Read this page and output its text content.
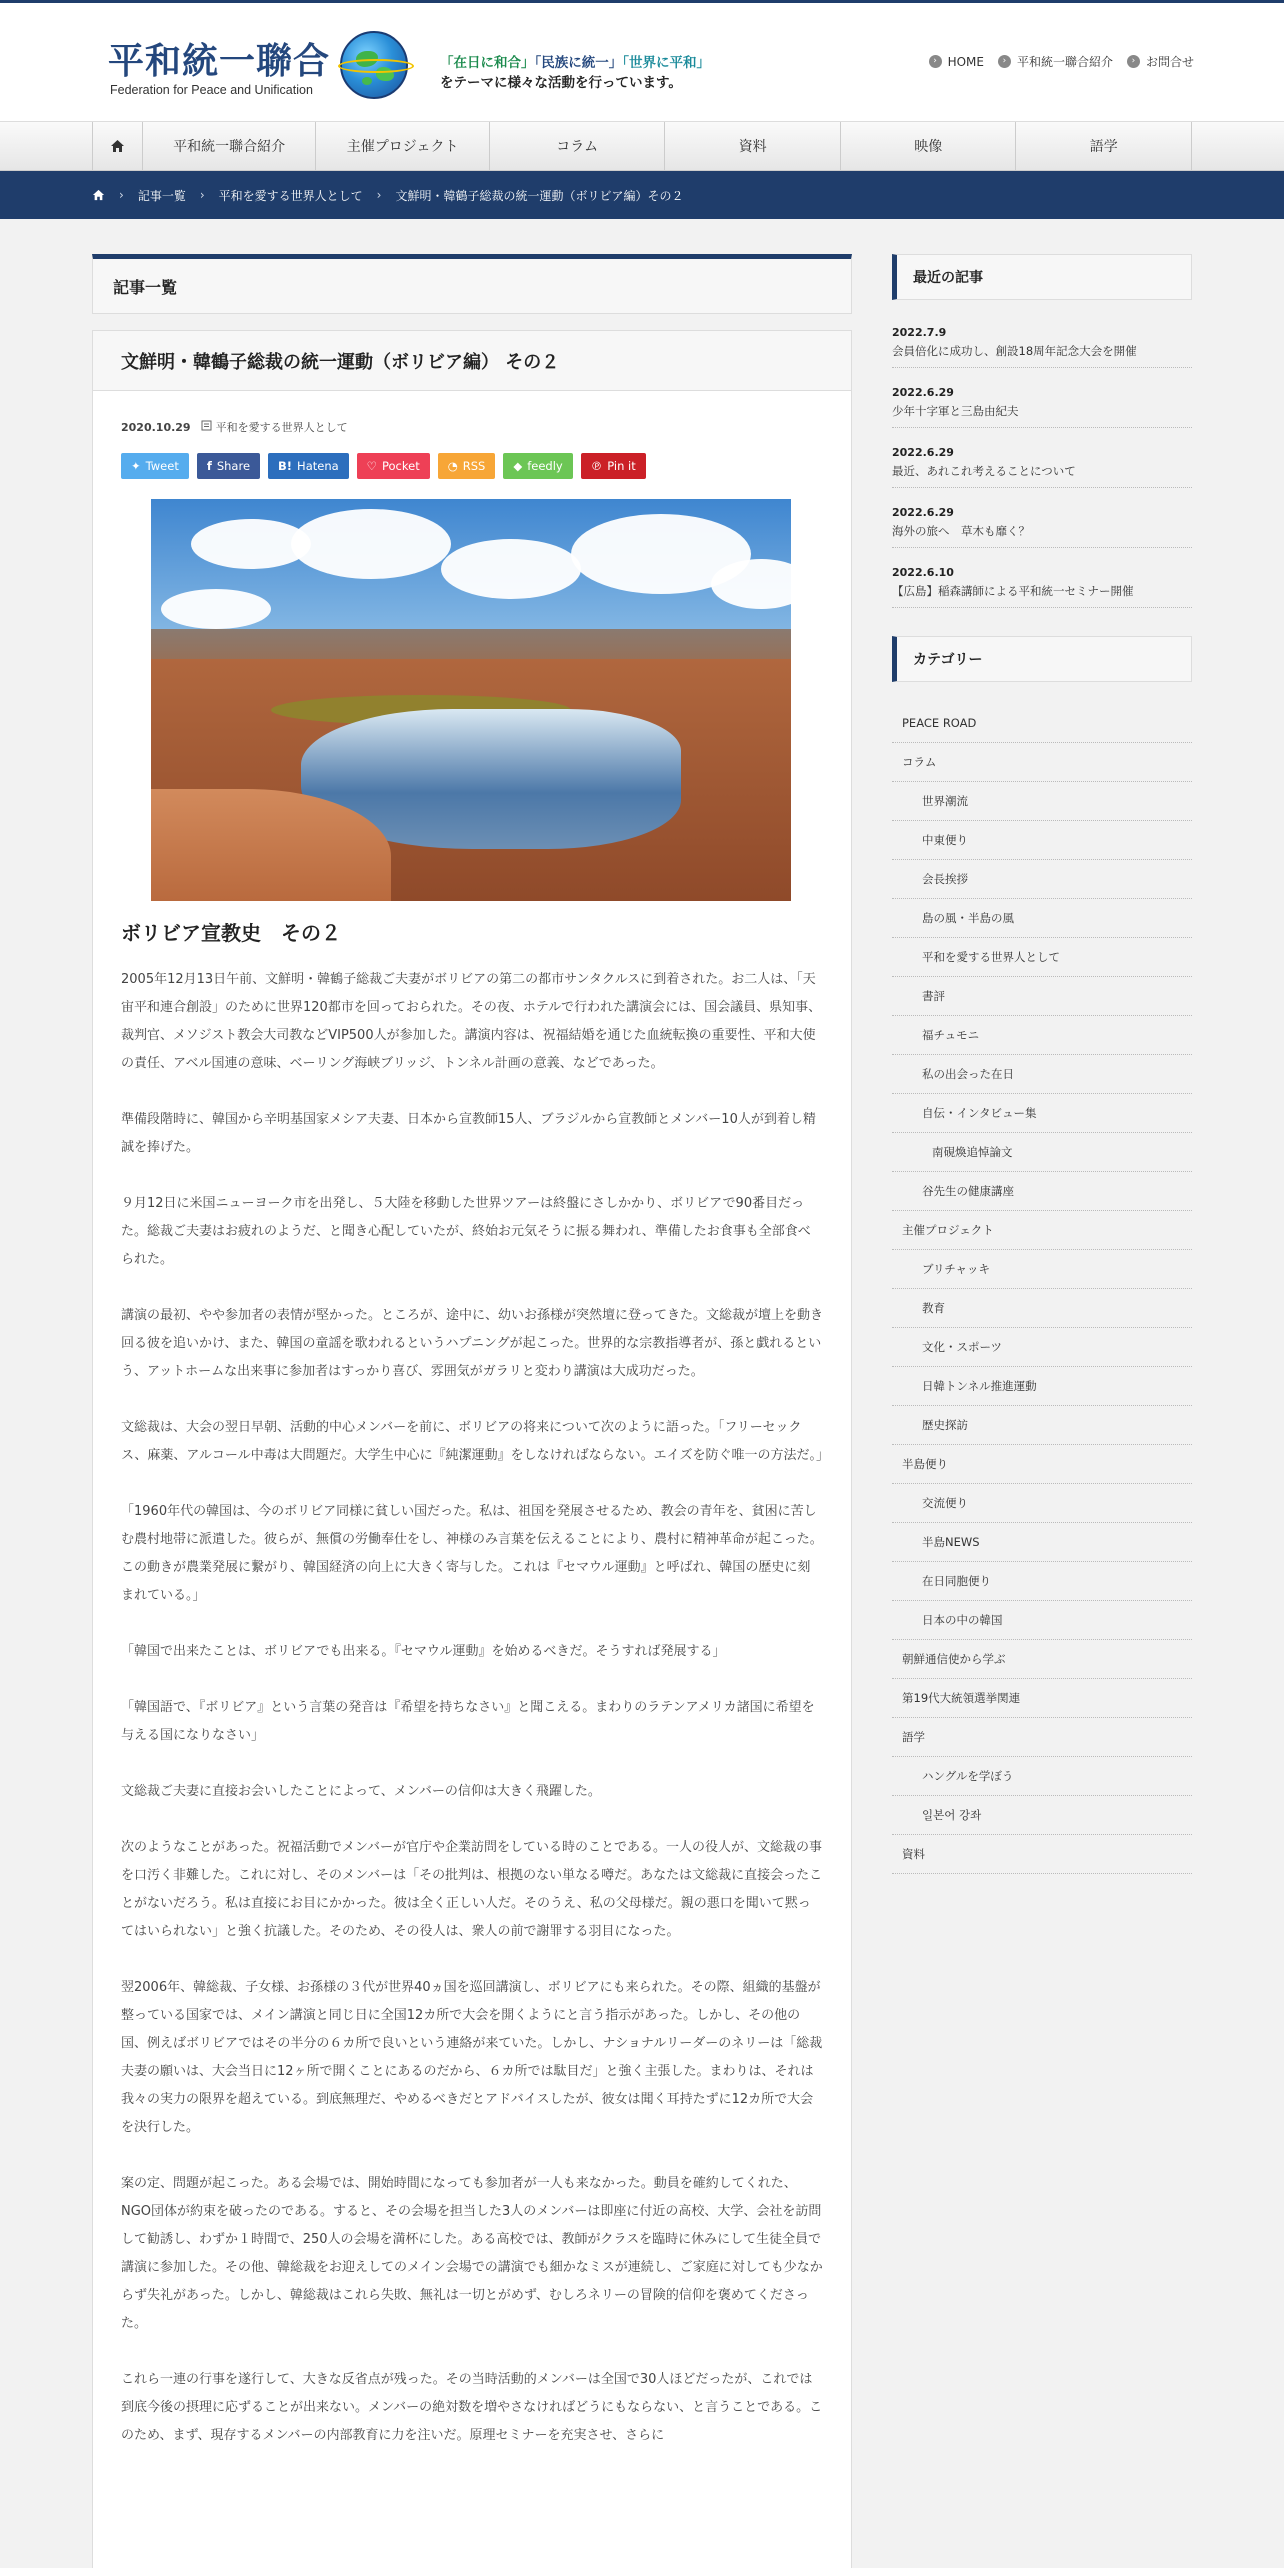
平和統一聯合
Federation for Peace and Unification
「在日に和合」「民族に統一」「世界に平和」
をテーマに様々な活動を行っています。
› HOME	› 平和統一聯合紹介	› お問合せ
平和統一聯合紹介	主催プロジェクト	コラム	資料	映像	語学
› 記事一覧 › 平和を愛する世界人として › 文鮮明・韓鶴子総裁の統一運動（ボリビア編）その２
記事一覧
文鮮明・韓鶴子総裁の統一運動（ボリビア編） その２
2020.10.29 平和を愛する世界人として
✦ Tweet f Share B! Hatena ♡ Pocket ◔ RSS ◆ feedly ℗ Pin it
ボリビア宣教史　その２

2005年12月13日午前、文鮮明・韓鶴子総裁ご夫妻がボリビアの第二の都市サンタクルスに到着された。お二人は、「天宙平和連合創設」のために世界120都市を回っておられた。その夜、ホテルで行われた講演会には、国会議員、県知事、裁判官、メソジスト教会大司教などVIP500人が参加した。講演内容は、祝福結婚を通じた血統転換の重要性、平和大使の責任、アベル国連の意味、ベーリング海峡ブリッジ、トンネル計画の意義、などであった。

準備段階時に、韓国から辛明基国家メシア夫妻、日本から宣教師15人、ブラジルから宣教師とメンバー10人が到着し精誠を捧げた。

９月12日に米国ニューヨーク市を出発し、５大陸を移動した世界ツアーは終盤にさしかかり、ボリビアで90番目だった。総裁ご夫妻はお疲れのようだ、と聞き心配していたが、終始お元気そうに振る舞われ、準備したお食事も全部食べられた。

講演の最初、やや参加者の表情が堅かった。ところが、途中に、幼いお孫様が突然壇に登ってきた。文総裁が壇上を動き回る彼を追いかけ、また、韓国の童謡を歌われるというハプニングが起こった。世界的な宗教指導者が、孫と戯れるという、アットホームな出来事に参加者はすっかり喜び、雰囲気がガラリと変わり講演は大成功だった。

文総裁は、大会の翌日早朝、活動的中心メンバーを前に、ボリビアの将来について次のように語った。「フリーセックス、麻薬、アルコール中毒は大問題だ。大学生中心に『純潔運動』をしなければならない。エイズを防ぐ唯一の方法だ。」

「1960年代の韓国は、今のボリビア同様に貧しい国だった。私は、祖国を発展させるため、教会の青年を、貧困に苦しむ農村地帯に派遣した。彼らが、無償の労働奉仕をし、神様のみ言葉を伝えることにより、農村に精神革命が起こった。この動きが農業発展に繋がり、韓国経済の向上に大きく寄与した。これは『セマウル運動』と呼ばれ、韓国の歴史に刻まれている。」

「韓国で出来たことは、ボリビアでも出来る。『セマウル運動』を始めるべきだ。そうすれば発展する」

「韓国語で、『ボリビア』という言葉の発音は『希望を持ちなさい』と聞こえる。まわりのラテンアメリカ諸国に希望を与える国になりなさい」

文総裁ご夫妻に直接お会いしたことによって、メンバーの信仰は大きく飛躍した。

次のようなことがあった。祝福活動でメンバーが官庁や企業訪問をしている時のことである。一人の役人が、文総裁の事を口汚く非難した。これに対し、そのメンバーは「その批判は、根拠のない単なる噂だ。あなたは文総裁に直接会ったことがないだろう。私は直接にお目にかかった。彼は全く正しい人だ。そのうえ、私の父母様だ。親の悪口を聞いて黙ってはいられない」と強く抗議した。そのため、その役人は、衆人の前で謝罪する羽目になった。

翌2006年、韓総裁、子女様、お孫様の３代が世界40ヵ国を巡回講演し、ボリビアにも来られた。その際、組織的基盤が整っている国家では、メイン講演と同じ日に全国12カ所で大会を開くようにと言う指示があった。しかし、その他の国、例えばボリビアではその半分の６カ所で良いという連絡が来ていた。しかし、ナショナルリーダーのネリーは「総裁夫妻の願いは、大会当日に12ヶ所で開くことにあるのだから、６カ所では駄目だ」と強く主張した。まわりは、それは我々の実力の限界を超えている。到底無理だ、やめるべきだとアドバイスしたが、彼女は聞く耳持たずに12カ所で大会を決行した。

案の定、問題が起こった。ある会場では、開始時間になっても参加者が一人も来なかった。動員を確約してくれた、NGO団体が約束を破ったのである。すると、その会場を担当した3人のメンバーは即座に付近の高校、大学、会社を訪問して勧誘し、わずか１時間で、250人の会場を満杯にした。ある高校では、教師がクラスを臨時に休みにして生徒全員で講演に参加した。その他、韓総裁をお迎えしてのメイン会場での講演でも細かなミスが連続し、ご家庭に対しても少なからず失礼があった。しかし、韓総裁はこれら失敗、無礼は一切とがめず、むしろネリーの冒険的信仰を褒めてくださった。

これら一連の行事を遂行して、大きな反省点が残った。その当時活動的メンバーは全国で30人ほどだったが、これでは到底今後の摂理に応ずることが出来ない。メンバーの絶対数を増やさなければどうにもならない、と言うことである。このため、まず、現存するメンバーの内部教育に力を注いだ。原理セミナーを充実させ、さらに

最近の記事
2022.7.9
会員倍化に成功し、創設18周年記念大会を開催
2022.6.29
少年十字軍と三島由紀夫
2022.6.29
最近、あれこれ考えることについて
2022.6.29
海外の旅へ　草木も靡く？
2022.6.10
【広島】稲森講師による平和統一セミナー開催
カテゴリー
PEACE ROAD
コラム
世界潮流
中東便り
会長挨拶
島の風・半島の風
平和を愛する世界人として
書評
福チュモニ
私の出会った在日
自伝・インタビュー集
南硯煥追悼論文
谷先生の健康講座
主催プロジェクト
ブリチャッキ
教育
文化・スポーツ
日韓トンネル推進運動
歴史探訪
半島便り
交流便り
半島NEWS
在日同胞便り
日本の中の韓国
朝鮮通信使から学ぶ
第19代大統領選挙関連
語学
ハングルを学ぼう
일본어 강좌
資料
